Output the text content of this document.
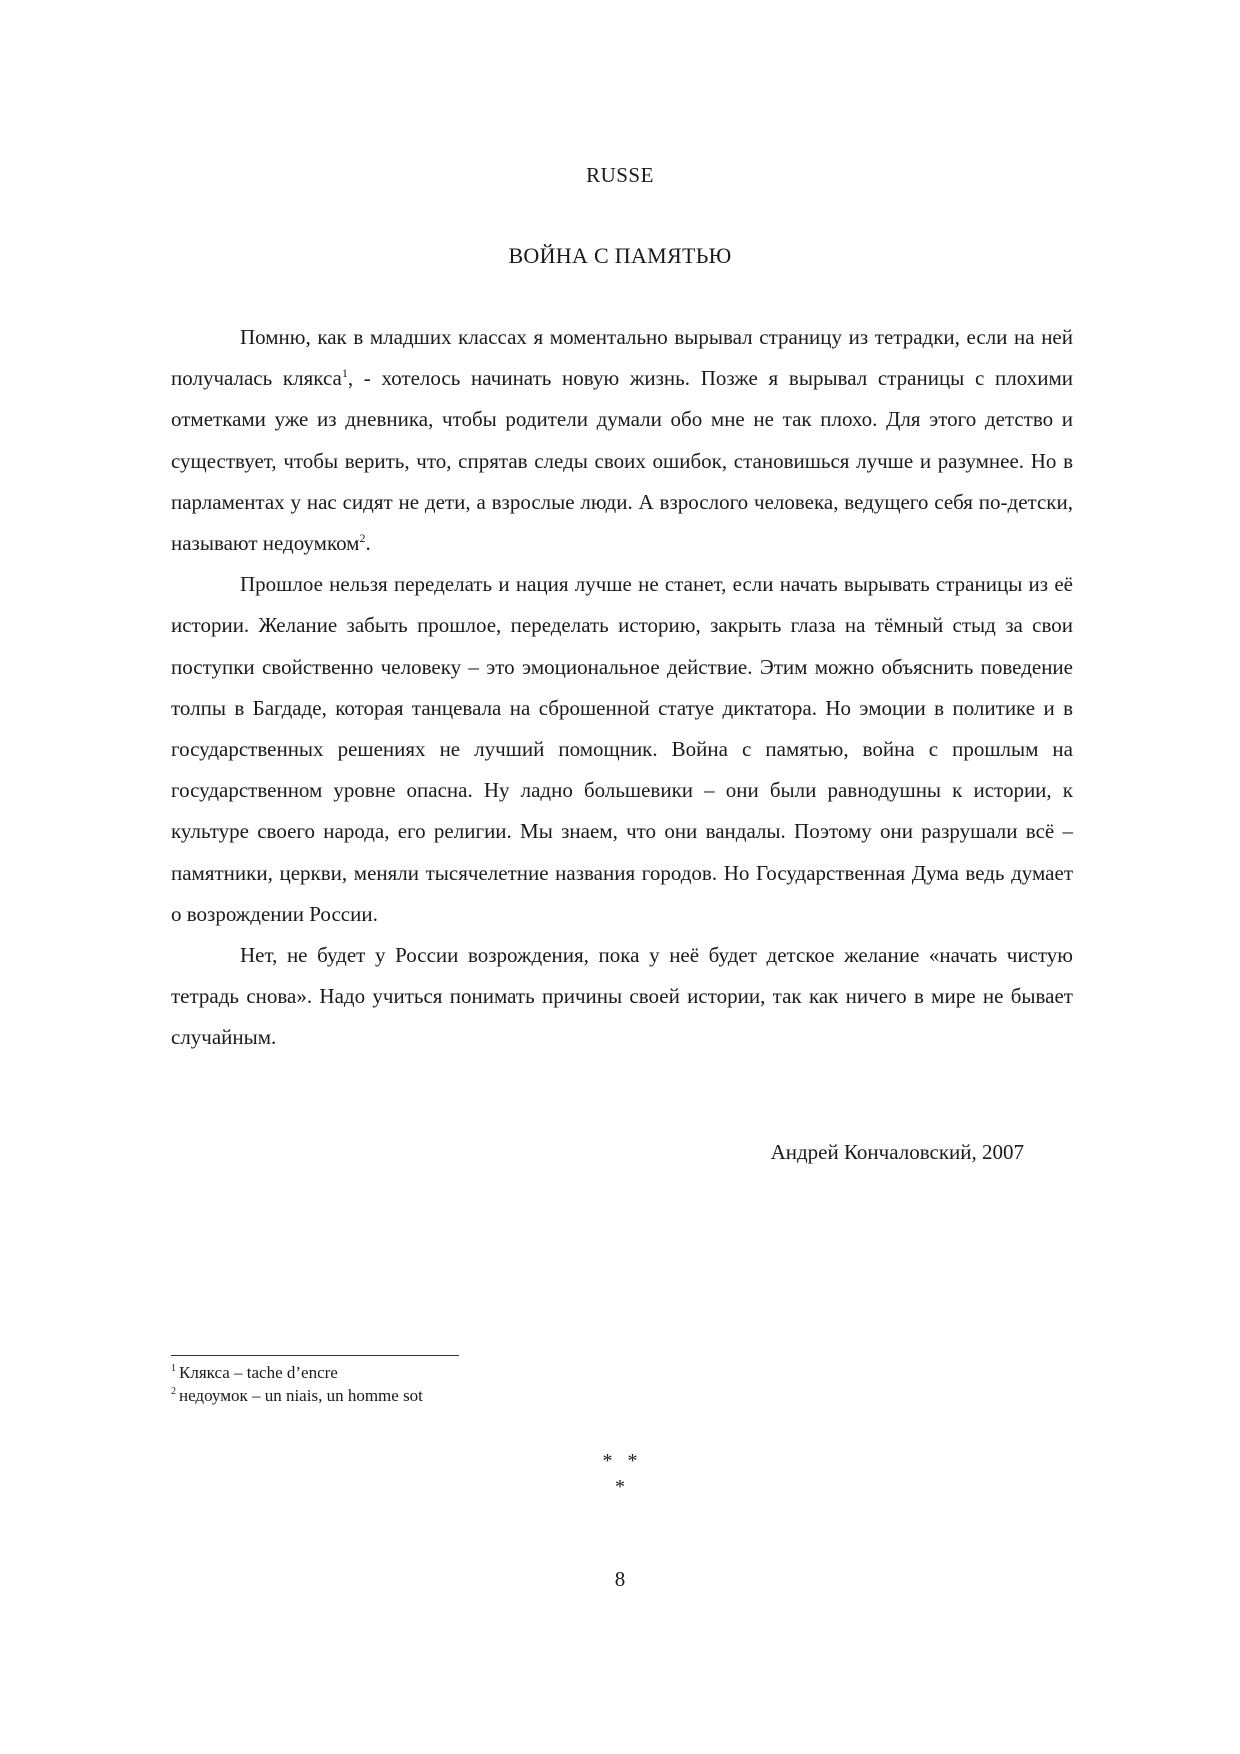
RUSSE
ВОЙНА С ПАМЯТЬЮ

Помню, как в младших классах я моментально вырывал страницу из тетрадки, если на ней получалась клякса$^1$, - хотелось начинать новую жизнь. Позже я вырывал страницы с плохими отметками уже из дневника, чтобы родители думали обо мне не так плохо. Для этого детство и существует, чтобы верить, что, спрятав следы своих ошибок, становишься лучше и разумнее. Но в парламентах у нас сидят не дети, а взрослые люди. А взрослого человека, ведущего себя по-детски, называют недоумком$^2$.

Прошлое нельзя переделать и нация лучше не станет, если начать вырывать страницы из её истории. Желание забыть прошлое, переделать историю, закрыть глаза на тёмный стыд за свои поступки свойственно человеку – это эмоциональное действие. Этим можно объяснить поведение толпы в Багдаде, которая танцевала на сброшенной статуе диктатора. Но эмоции в политике и в государственных решениях не лучший помощник. Война с памятью, война с прошлым на государственном уровне опасна. Ну ладно большевики – они были равнодушны к истории, к культуре своего народа, его религии. Мы знаем, что они вандалы. Поэтому они разрушали всё – памятники, церкви, меняли тысячелетние названия городов. Но Государственная Дума ведь думает о возрождении России.

Нет, не будет у России возрождения, пока у неё будет детское желание «начать чистую тетрадь снова». Надо учиться понимать причины своей истории, так как ничего в мире не бывает случайным.

Андрей Кончаловский, 2007
$^1$ Клякса – tache d’encre
$^2$ недоумок – un niais, un homme sot
*   *
*
8
